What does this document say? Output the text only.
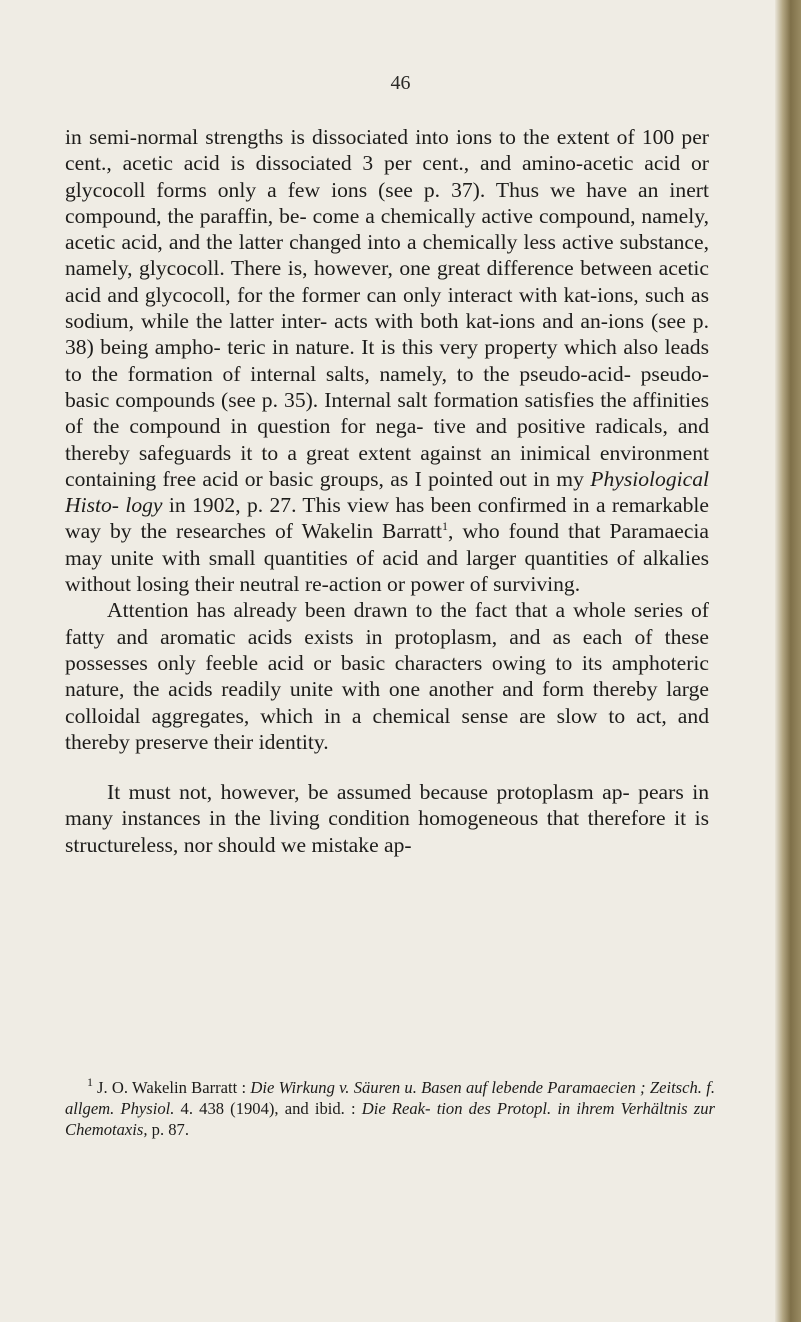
46

in semi-normal strengths is dissociated into ions to the extent of 100 per cent., acetic acid is dissociated 3 per cent., and amino-acetic acid or glycocoll forms only a few ions (see p. 37). Thus we have an inert compound, the paraffin, be- come a chemically active compound, namely, acetic acid, and the latter changed into a chemically less active substance, namely, glycocoll. There is, however, one great difference between acetic acid and glycocoll, for the former can only interact with kat-ions, such as sodium, while the latter inter- acts with both kat-ions and an-ions (see p. 38) being ampho- teric in nature. It is this very property which also leads to the formation of internal salts, namely, to the pseudo-acid- pseudo-basic compounds (see p. 35). Internal salt formation satisfies the affinities of the compound in question for nega- tive and positive radicals, and thereby safeguards it to a great extent against an inimical environment containing free acid or basic groups, as I pointed out in my Physiological Histo- logy in 1902, p. 27. This view has been confirmed in a remarkable way by the researches of Wakelin Barratt$^1$, who found that Paramaecia may unite with small quantities of acid and larger quantities of alkalies without losing their neutral re-action or power of surviving.

Attention has already been drawn to the fact that a whole series of fatty and aromatic acids exists in protoplasm, and as each of these possesses only feeble acid or basic characters owing to its amphoteric nature, the acids readily unite with one another and form thereby large colloidal aggregates, which in a chemical sense are slow to act, and thereby preserve their identity.

It must not, however, be assumed because protoplasm ap- pears in many instances in the living condition homogeneous that therefore it is structureless, nor should we mistake ap-

$^1$ J. O. Wakelin Barratt : Die Wirkung v. Säuren u. Basen auf lebende Paramaecien ; Zeitsch. f. allgem. Physiol. 4. 438 (1904), and ibid. : Die Reak- tion des Protopl. in ihrem Verhältnis zur Chemotaxis, p. 87.
